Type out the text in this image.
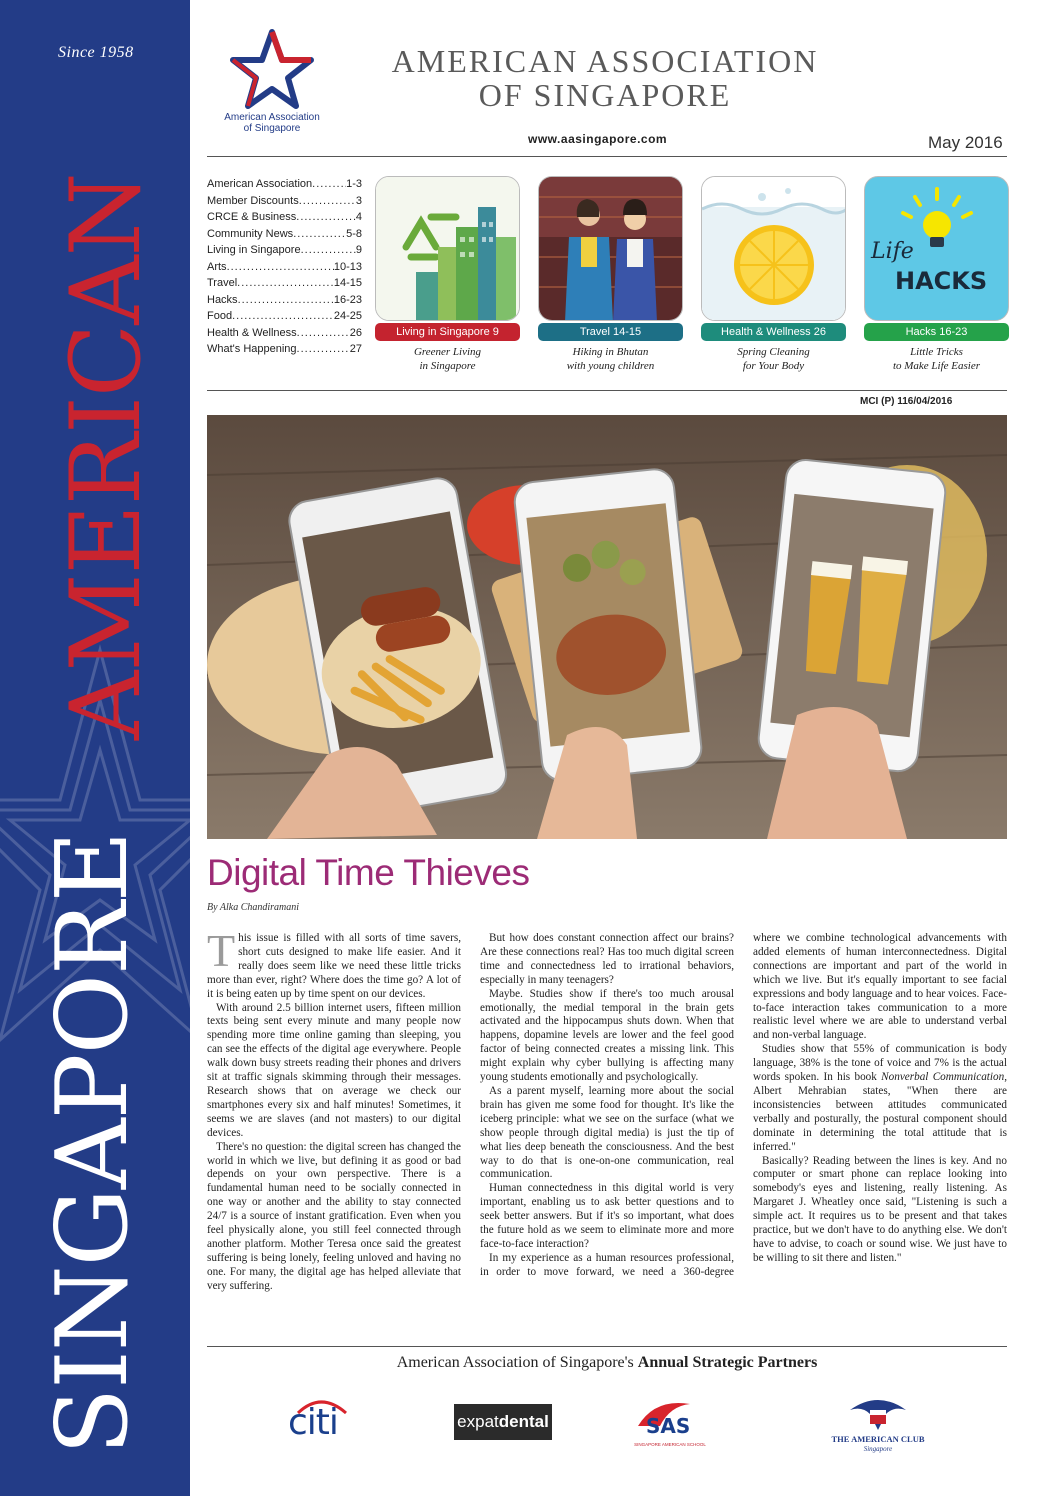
Since 1958
SINGAPORE
AMERICAN
American Association
of Singapore
AMERICAN ASSOCIATION
OF SINGAPORE
www.aasingapore.com	May 2016
American Association .....	1-3
Member Discounts .....	3
CRCE & Business .....	4
Community News .....	5-8
Living in Singapore .....	9
Arts .....	10-13
Travel .....	14-15
Hacks .....	16-23
Food .....	24-25
Health & Wellness .....	26
What's Happening .....	27
Living in Singapore 9
Greener Living
in Singapore
Travel 14-15
Hiking in Bhutan
with young children
Health & Wellness 26
Spring Cleaning
for Your Body
Life
HACKS
Hacks 16-23
Little Tricks
to Make Life Easier
MCI (P) 116/04/2016
Digital Time Thieves
By Alka Chandiramani

This issue is filled with all sorts of time savers, short cuts designed to make life easier. And it really does seem like we need these little tricks more than ever, right? Where does the time go? A lot of it is being eaten up by time spent on our devices.

With around 2.5 billion internet users, fifteen million texts being sent every minute and many people now spending more time online gaming than sleeping, you can see the effects of the digital age everywhere. People walk down busy streets reading their phones and drivers sit at traffic signals skimming through their messages. Research shows that on average we check our smartphones every six and half minutes! Sometimes, it seems we are slaves (and not masters) to our digital devices.

There's no question: the digital screen has changed the world in which we live, but defining it as good or bad depends on your own perspective. There is a fundamental human need to be socially connected in one way or another and the ability to stay connected 24/7 is a source of instant gratification. Even when you feel physically alone, you still feel connected through another platform. Mother Teresa once said the greatest suffering is being lonely, feeling unloved and having no one. For many, the digital age has helped alleviate that very suffering.

But how does constant connection affect our brains? Are these connections real? Has too much digital screen time and connectedness led to irrational behaviors, especially in many teenagers?

Maybe. Studies show if there's too much arousal emotionally, the medial temporal in the brain gets activated and the hippocampus shuts down. When that happens, dopamine levels are lower and the feel good factor of being connected creates a missing link. This might explain why cyber bullying is affecting many young students emotionally and psychologically.

As a parent myself, learning more about the social brain has given me some food for thought. It's like the iceberg principle: what we see on the surface (what we show people through digital media) is just the tip of what lies deep beneath the consciousness. And the best way to do that is one-on-one communication, real communication.

Human connectedness in this digital world is very important, enabling us to ask better questions and to seek better answers. But if it's so important, what does the future hold as we seem to eliminate more and more face-to-face interaction?

In my experience as a human resources professional, in order to move forward, we need a 360-degree

where we combine technological advancements with added elements of human interconnectedness. Digital connections are important and part of the world in which we live. But it's equally important to see facial expressions and body language and to hear voices. Face-to-face interaction takes communication to a more realistic level where we are able to understand verbal and non-verbal language.

Studies show that 55% of communication is body language, 38% is the tone of voice and 7% is the actual words spoken. In his book Nonverbal Communication, Albert Mehrabian states, "When there are inconsistencies between attitudes communicated verbally and posturally, the postural component should dominate in determining the total attitude that is inferred."

Basically? Reading between the lines is key. And no computer or smart phone can replace looking into somebody's eyes and listening, really listening. As Margaret J. Wheatley once said, "Listening is such a simple act. It requires us to be present and that takes practice, but we don't have to do anything else. We don't have to advise, to coach or sound wise. We just have to be willing to sit there and listen."

American Association of Singapore's Annual Strategic Partners
citi	expatdental	SAS
SINGAPORE AMERICAN SCHOOL
THE AMERICAN CLUB
Singapore
